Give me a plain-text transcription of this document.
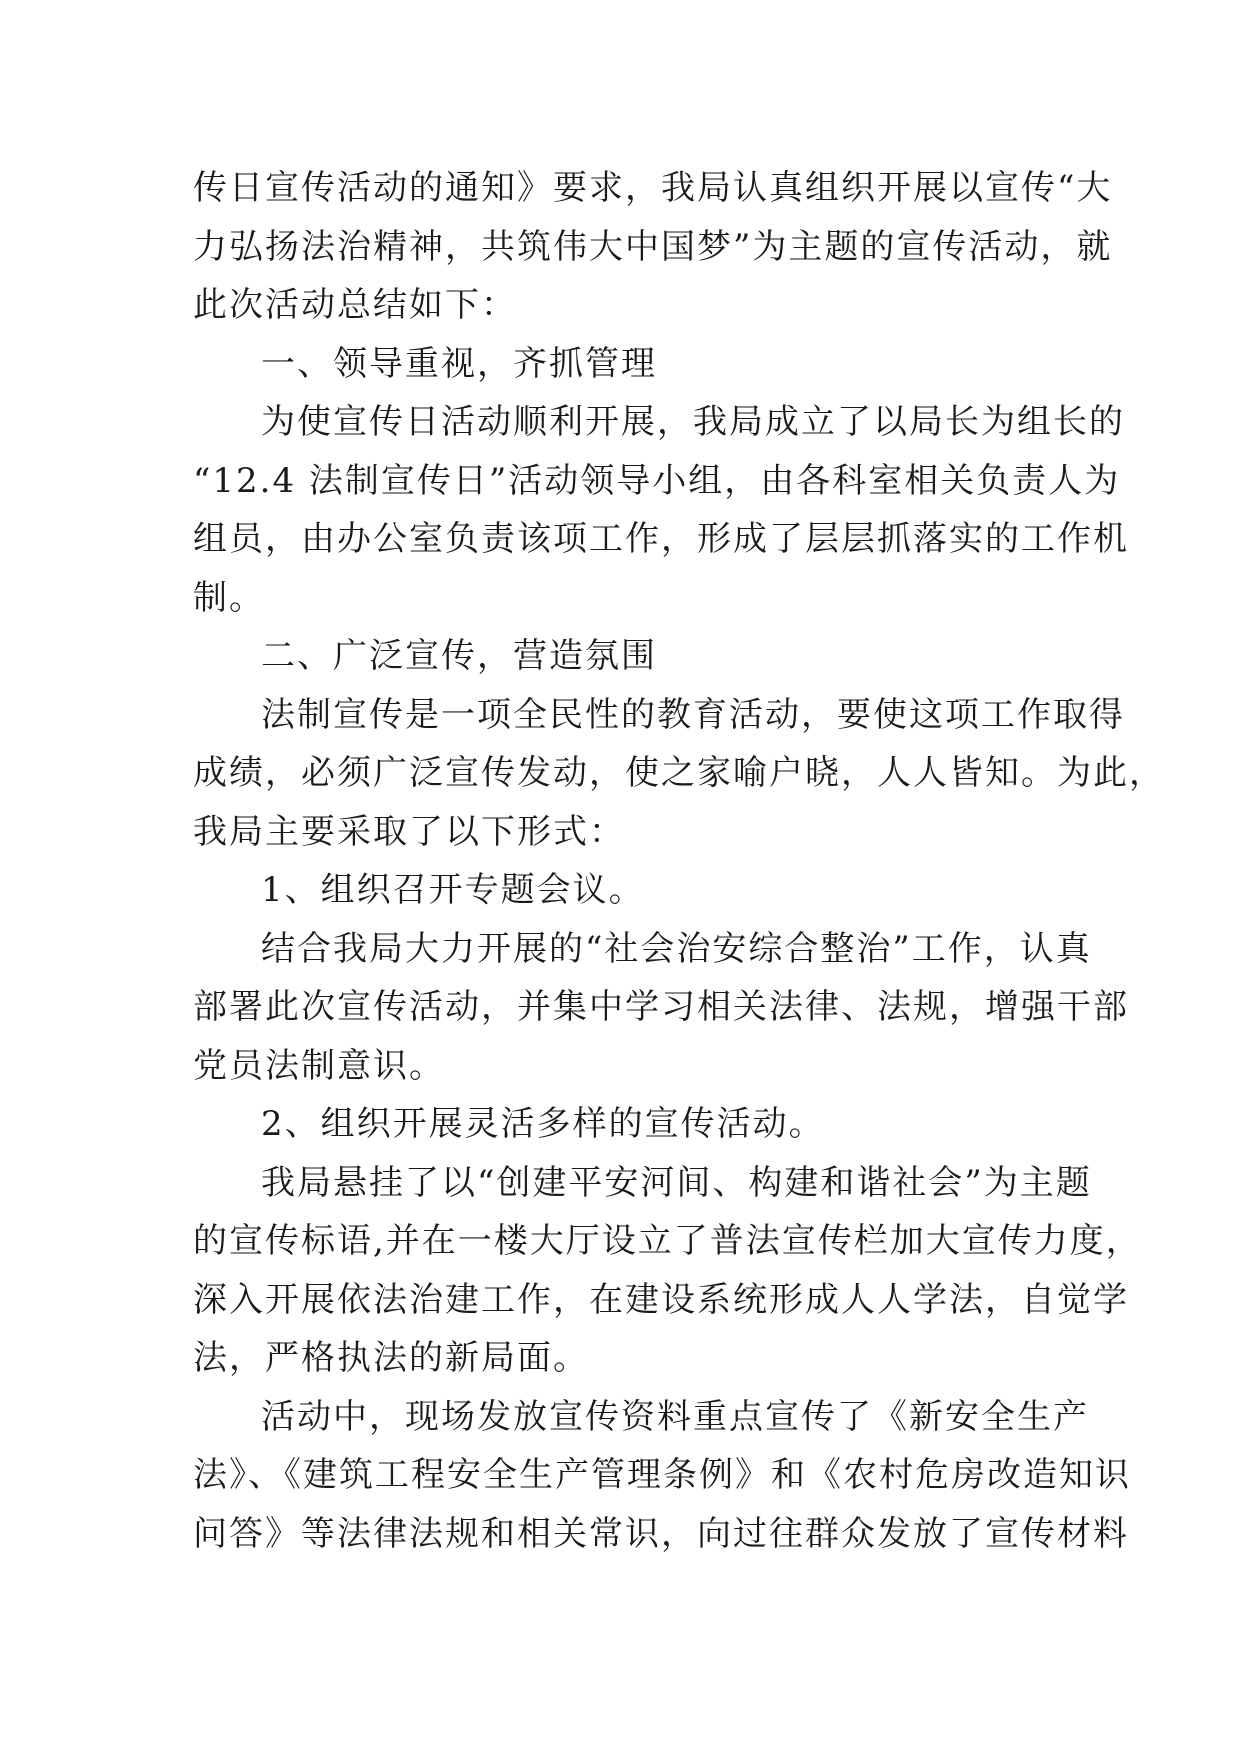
传日宣传活动的通知》要求，我局认真组织开展以宣传“大
力弘扬法治精神，共筑伟大中国梦”为主题的宣传活动，就
此次活动总结如下：
一、领导重视，齐抓管理
为使宣传日活动顺利开展，我局成立了以局长为组长的
“12.4 法制宣传日”活动领导小组，由各科室相关负责人为
组员，由办公室负责该项工作，形成了层层抓落实的工作机
制。
二、广泛宣传，营造氛围
法制宣传是一项全民性的教育活动，要使这项工作取得
成绩，必须广泛宣传发动，使之家喻户晓，人人皆知。为此，
我局主要采取了以下形式：
1、组织召开专题会议。
结合我局大力开展的“社会治安综合整治”工作，认真
部署此次宣传活动，并集中学习相关法律、法规，增强干部
党员法制意识。
2、组织开展灵活多样的宣传活动。
我局悬挂了以“创建平安河间、构建和谐社会”为主题
的宣传标语,并在一楼大厅设立了普法宣传栏加大宣传力度，
深入开展依法治建工作，在建设系统形成人人学法，自觉学
法，严格执法的新局面。
活动中，现场发放宣传资料重点宣传了《新安全生产
法》、《建筑工程安全生产管理条例》和《农村危房改造知识
问答》等法律法规和相关常识，向过往群众发放了宣传材料
